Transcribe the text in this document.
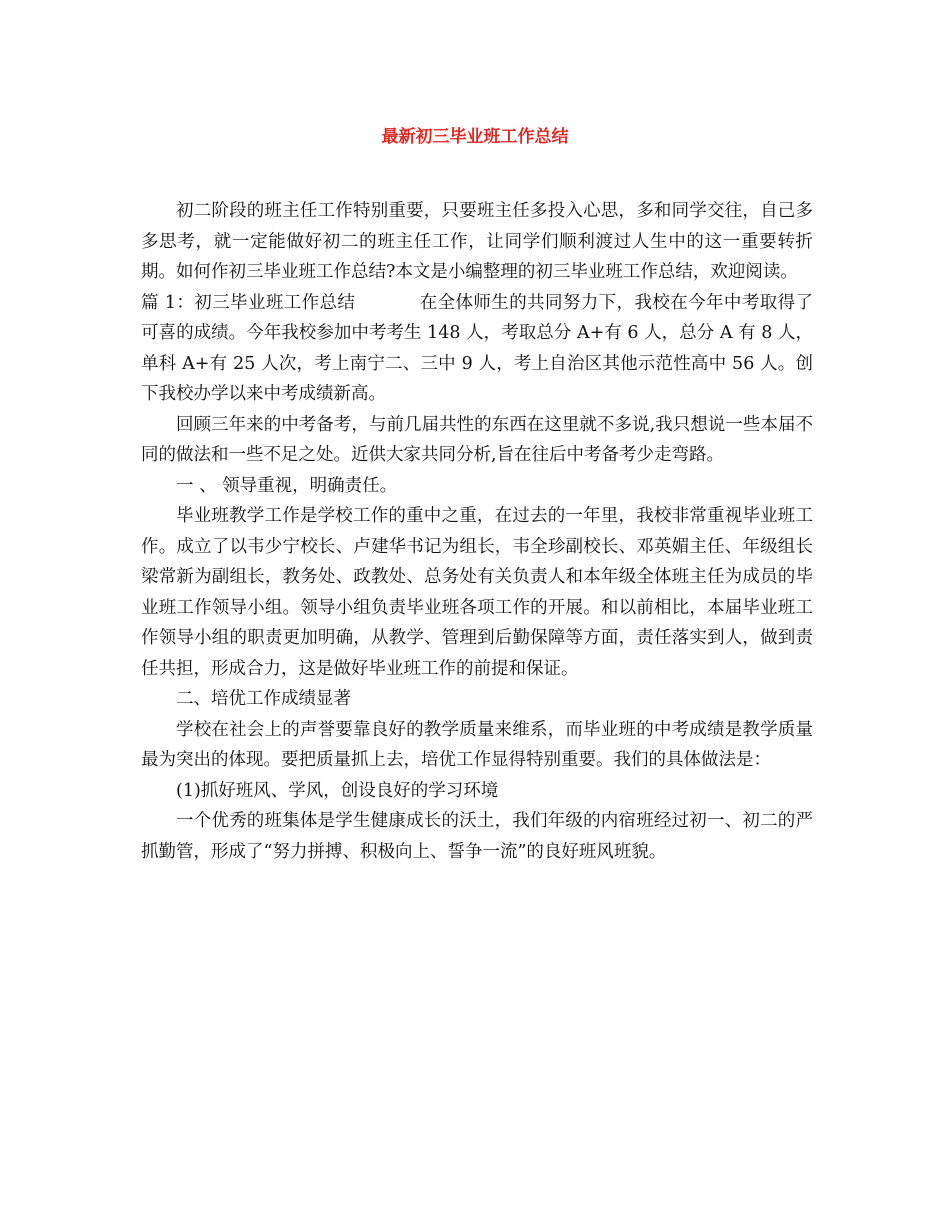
最新初三毕业班工作总结

初二阶段的班主任工作特别重要，只要班主任多投入心思，多和同学交往，自己多多思考，就一定能做好初二的班主任工作，让同学们顺利渡过人生中的这一重要转折期。如何作初三毕业班工作总结?本文是小编整理的初三毕业班工作总结，欢迎阅读。

篇 1：初三毕业班工作总结	在全体师生的共同努力下，我校在今年中考取得了可喜的成绩。今年我校参加中考考生 148 人，考取总分 A+有 6 人，总分 A 有 8 人，单科 A+有 25 人次，考上南宁二、三中 9 人，考上自治区其他示范性高中 56 人。创下我校办学以来中考成绩新高。

回顾三年来的中考备考，与前几届共性的东西在这里就不多说,我只想说一些本届不同的做法和一些不足之处。近供大家共同分析,旨在往后中考备考少走弯路。

一 、 领导重视，明确责任。

毕业班教学工作是学校工作的重中之重，在过去的一年里，我校非常重视毕业班工作。成立了以韦少宁校长、卢建华书记为组长，韦全珍副校长、邓英媚主任、年级组长梁常新为副组长，教务处、政教处、总务处有关负责人和本年级全体班主任为成员的毕业班工作领导小组。领导小组负责毕业班各项工作的开展。和以前相比，本届毕业班工作领导小组的职责更加明确，从教学、管理到后勤保障等方面，责任落实到人，做到责任共担，形成合力，这是做好毕业班工作的前提和保证。

二、培优工作成绩显著

学校在社会上的声誉要靠良好的教学质量来维系，而毕业班的中考成绩是教学质量最为突出的体现。要把质量抓上去，培优工作显得特别重要。我们的具体做法是：

(1)抓好班风、学风，创设良好的学习环境

一个优秀的班集体是学生健康成长的沃土，我们年级的内宿班经过初一、初二的严抓勤管，形成了“努力拼搏、积极向上、誓争一流”的良好班风班貌。
